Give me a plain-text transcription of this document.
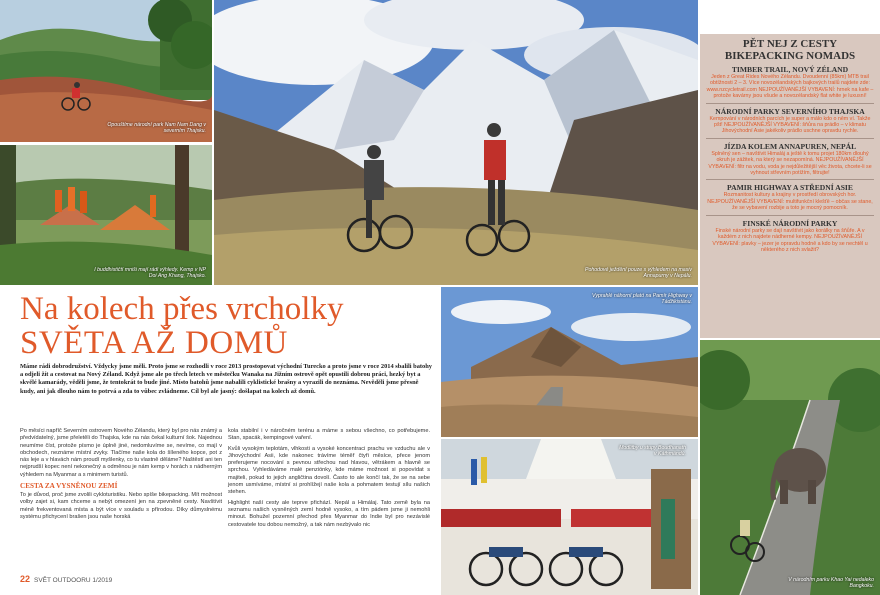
Opouštíme národní park Nam Nam Dang v severním Thajsku.
I buddhističtí mniši mají rádi výhledy. Kemp v NP Doi Ang Khang, Thajsko.
Pohodové ježdění pouze s výhledem na masiv Annapurny v Nepálu.
PĚT NEJ Z CESTY
BIKEPACKING NOMADS
TIMBER TRAIL, NOVÝ ZÉLAND
Jeden z Great Rides Nového Zélandu. Dvoudenní (85km) MTB trail obtížnosti 2 – 3. Více novozélandských bajkových trailů najdete zde: www.nzcycletrail.com NEJPOUŽÍVANĚJŠÍ VYBAVENÍ: hrnek na kafe – protože kavárny jsou všude a novozélandský flat white je luxusní!
NÁRODNÍ PARKY SEVERNÍHO THAJSKA
Kempování v národních parcích je super a málo kdo o něm ví. Takže pšt! NEJPOUŽÍVANĚJŠÍ VYBAVENÍ: šňůra na prádlo – v klimatu Jihovýchodní Asie jakékoliv prádlo uschne opravdu rychle.
JÍZDA KOLEM ANNAPUREN, NEPÁL
Splněný sen – navštívit Himaláj a ještě k tomu projet 180km dlouhý okruh je zážitek, na který se nezapomíná. NEJPOUŽÍVANĚJŠÍ VYBAVENÍ: filtr na vodu, voda je nejdůležitější věc života, chcete-li se vyhnout střevním potížím, filtrujte!
PAMIR HIGHWAY A STŘEDNÍ ASIE
Rozmanitost kultury a krajiny v prostředí obrovských hor. NEJPOUŽÍVANĚJŠÍ VYBAVENÍ: multifunkční klešťě – občas se stane, že se vybavení rozbije a toto je mocný pomocník.
FINSKÉ NÁRODNÍ PARKY
Finské národní parky se dají navštívit jako korálky na šňůře. A v každém z nich najdete nádherné kempy. NEJPOUŽÍVANĚJŠÍ VYBAVENÍ: plavky – jezer je opravdu hodně a kdo by se nechtěl u některého z nich svlažit?
Vyprahlé náhorní plató na Pamír Highway v Tádžikistánu.
Modlitby u stupy Boudhanath v Káthmándú.
V národním parku Khao Yai nedaleko Bangkoku.
Na kolech přes vrcholky
SVĚTA AŽ DOMŮ
Máme rádi dobrodružství. Vždycky jsme měli. Proto jsme se rozhodli v roce 2013 prostopovat východní Turecko a proto jsme v roce 2014 sbalili batohy a odjeli žít a cestovat na Nový Zéland. Když jsme ale po třech letech ve městečku Wanaka na Jižním ostrově opět opustili dobrou práci, hezký byt a skvělé kamarády, věděli jsme, že tentokrát to bude jiné. Místo batohů jsme nabalili cyklistické brašny a vyrazili do neznáma. Nevěděli jsme přesně kudy, ani jak dlouho nám to potrvá a zda to vůbec zvládneme. Cíl byl ale jasný: došlapat na kolech až domů.

Po měsíci napříč Severním ostrovem Nového Zélandu, který byl pro nás známý a předvídatelný, jsme přeletěli do Thajska, kde na nás čekal kulturní šok. Najednou neumíme číst, protože písmo je úplně jiné, nedomluvíme se, nevíme, co mají v obchodech, neznáme místní zvyky. Tlačíme naše kola do šíleného kopce, pot z nás leje a v hlavách nám proudí myšlenky, co tu vlastně děláme? Naštěstí ani ten nejprudší kopec není nekonečný a odměnou je nám kemp v horách s nádherným výhledem na Myanmar a s minimem turistů.

CESTA ZA VYSNĚNOU ZEMÍ

To je důvod, proč jsme zvolili cykloturistiku. Nebo spíše bikepacking. Mít možnost volby zajet si, kam chceme a nebýt omezení jen na zpevněné cesty. Navštívit méně frekventovaná místa a být více v souladu s přírodou. Díky důmyslnému systému přichycení brašen jsou naše horská

kola stabilní i v náročném terénu a máme s sebou všechno, co potřebujeme. Stan, spacák, kempingové vaření.

Kvůli vysokým teplotám, vlhkosti a vysoké koncentraci prachu ve vzduchu ale v Jihovýchodní Asii, kde nakonec trávíme téměř čtyři měsíce, přece jenom preferujeme nocování s pevnou střechou nad hlavou, větrákem a hlavně se sprchou. Vyhledáváme malé penziónky, kde máme možnost si popovídat s majiteli, pokud to jejich angličtina dovolí. Často to ale končí tak, že se na sebe jenom usmíváme, místní si prohlížejí naše kola a pohmatem testují sílu našich stehen.

Highlight naší cesty ale teprve přichází. Nepál a Himálaj. Tato země byla na seznamu našich vysněných zemí hodně vysoko, a tím pádem jsme ji nemohli minout. Bohužel pozemní přechod přes Myanmar do Indie byl pro nezávislé cestovatele tou dobou nemožný, a tak nám nezbývalo nic

22 SVĚT OUTDOORU 1/2019
